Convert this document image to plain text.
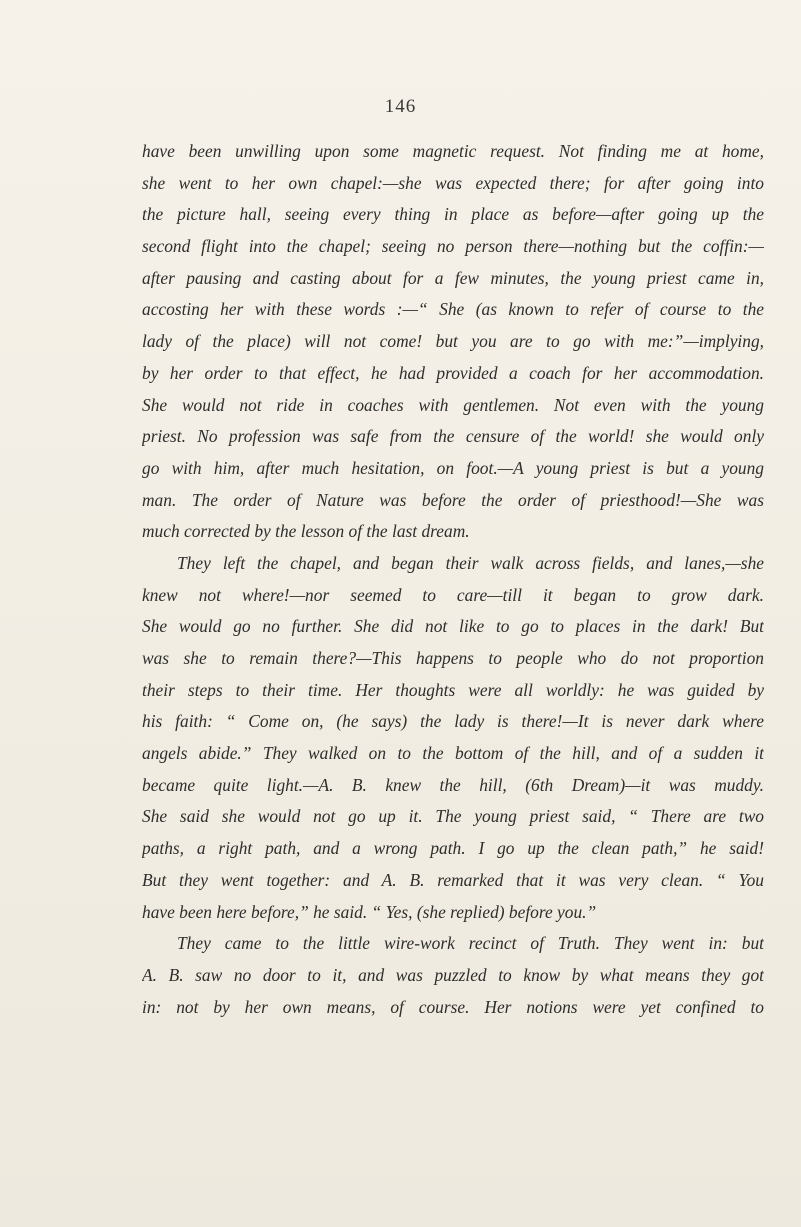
146
have been unwilling upon some magnetic request. Not finding me at home,
she went to her own chapel:—she was expected there; for after going into
the picture hall, seeing every thing in place as before—after going up the
second flight into the chapel; seeing no person there—nothing but the coffin:—
after pausing and casting about for a few minutes, the young priest came in,
accosting her with these words :—“ She (as known to refer of course to the
lady of the place) will not come! but you are to go with me:”—implying,
by her order to that effect, he had provided a coach for her accommodation.
She would not ride in coaches with gentlemen. Not even with the young
priest. No profession was safe from the censure of the world! she would only
go with him, after much hesitation, on foot.—A young priest is but a young
man. The order of Nature was before the order of priesthood!—She was
much corrected by the lesson of the last dream.
They left the chapel, and began their walk across fields, and lanes,—she
knew not where!—nor seemed to care—till it began to grow dark.
She would go no further. She did not like to go to places in the dark! But
was she to remain there?—This happens to people who do not proportion
their steps to their time. Her thoughts were all worldly: he was guided by
his faith: “ Come on, (he says) the lady is there!—It is never dark where
angels abide.” They walked on to the bottom of the hill, and of a sudden it
became quite light.—A. B. knew the hill, (6th Dream)—it was muddy.
She said she would not go up it. The young priest said, “ There are two
paths, a right path, and a wrong path. I go up the clean path,” he said!
But they went together: and A. B. remarked that it was very clean. “ You
have been here before,” he said. “ Yes, (she replied) before you.”
They came to the little wire-work recinct of Truth. They went in: but
A. B. saw no door to it, and was puzzled to know by what means they got
in: not by her own means, of course. Her notions were yet confined to
